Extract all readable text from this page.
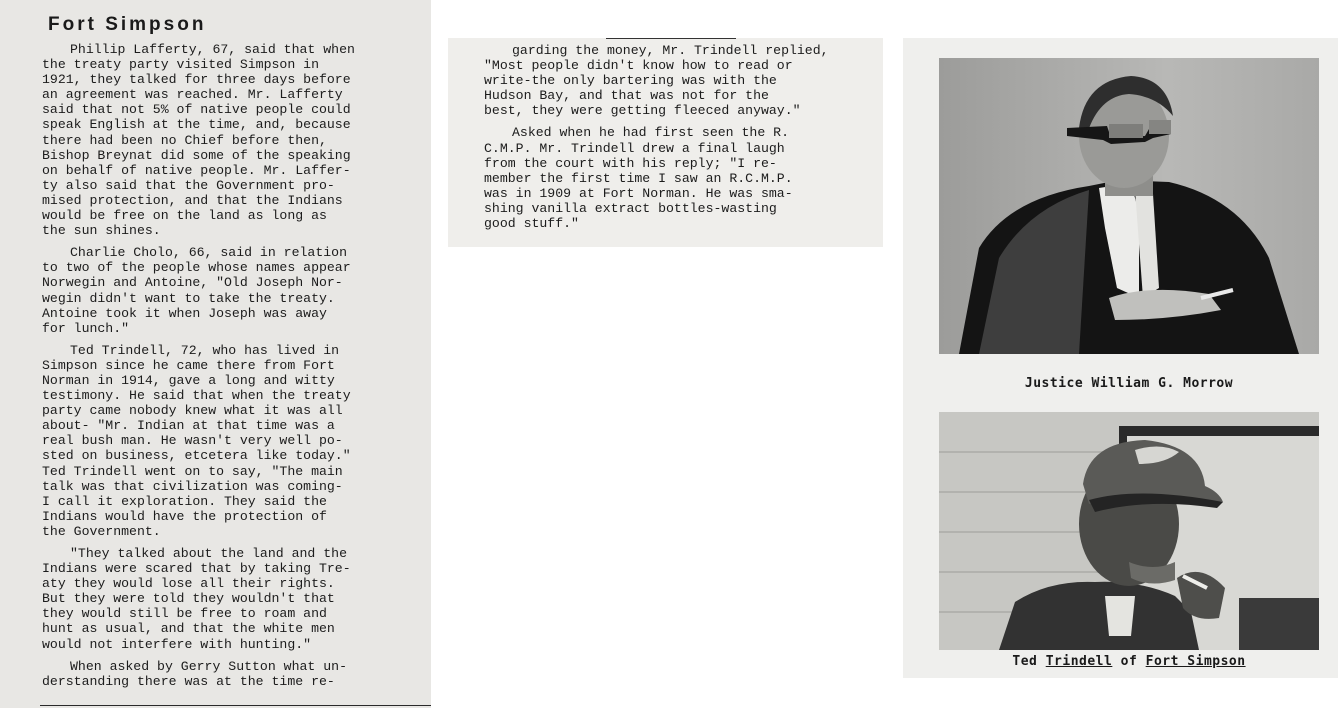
Fort Simpson

Phillip Lafferty, 67, said that when
the treaty party visited Simpson in
1921, they talked for three days before
an agreement was reached. Mr. Lafferty
said that not 5% of native people could
speak English at the time, and, because
there had been no Chief before then,
Bishop Breynat did some of the speaking
on behalf of native people. Mr. Laffer-
ty also said that the Government pro-
mised protection, and that the Indians
would be free on the land as long as
the sun shines.

Charlie Cholo, 66, said in relation
to two of the people whose names appear
Norwegin and Antoine, "Old Joseph Nor-
wegin didn't want to take the treaty.
Antoine took it when Joseph was away
for lunch."

Ted Trindell, 72, who has lived in
Simpson since he came there from Fort
Norman in 1914, gave a long and witty
testimony. He said that when the treaty
party came nobody knew what it was all
about- "Mr. Indian at that time was a
real bush man. He wasn't very well po-
sted on business, etcetera like today."
Ted Trindell went on to say, "The main
talk was that civilization was coming-
I call it exploration. They said the
Indians would have the protection of
the Government.

"They talked about the land and the
Indians were scared that by taking Tre-
aty they would lose all their rights.
But they were told they wouldn't that
they would still be free to roam and
hunt as usual, and that the white men
would not interfere with hunting."

When asked by Gerry Sutton what un-
derstanding there was at the time re-

garding the money, Mr. Trindell replied,
"Most people didn't know how to read or
write-the only bartering was with the
Hudson Bay, and that was not for the
best, they were getting fleeced anyway."

Asked when he had first seen the R.
C.M.P. Mr. Trindell drew a final laugh
from the court with his reply; "I re-
member the first time I saw an R.C.M.P.
was in 1909 at Fort Norman. He was sma-
shing vanilla extract bottles-wasting
good stuff."

Justice William G. Morrow
Ted Trindell of Fort Simpson
